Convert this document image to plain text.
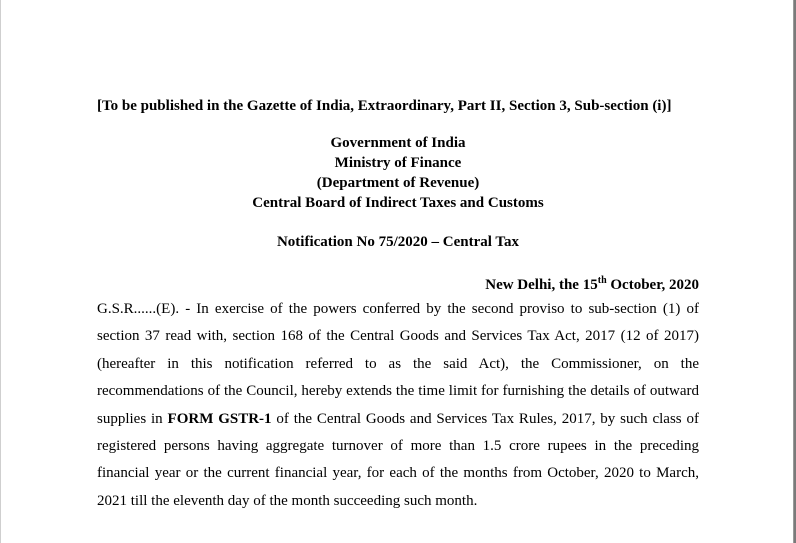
[To be published in the Gazette of India, Extraordinary, Part II, Section 3, Sub-section (i)]

Government of India
Ministry of Finance
(Department of Revenue)
Central Board of Indirect Taxes and Customs
Notification No 75/2020 – Central Tax
New Delhi, the 15th October, 2020
G.S.R......(E). - In exercise of the powers conferred by the second proviso to sub-section (1) of section 37 read with, section 168 of the Central Goods and Services Tax Act, 2017 (12 of 2017) (hereafter in this notification referred to as the said Act), the Commissioner, on the recommendations of the Council, hereby extends the time limit for furnishing the details of outward supplies in FORM GSTR-1 of the Central Goods and Services Tax Rules, 2017, by such class of registered persons having aggregate turnover of more than 1.5 crore rupees in the preceding financial year or the current financial year, for each of the months from October, 2020 to March, 2021 till the eleventh day of the month succeeding such month.
